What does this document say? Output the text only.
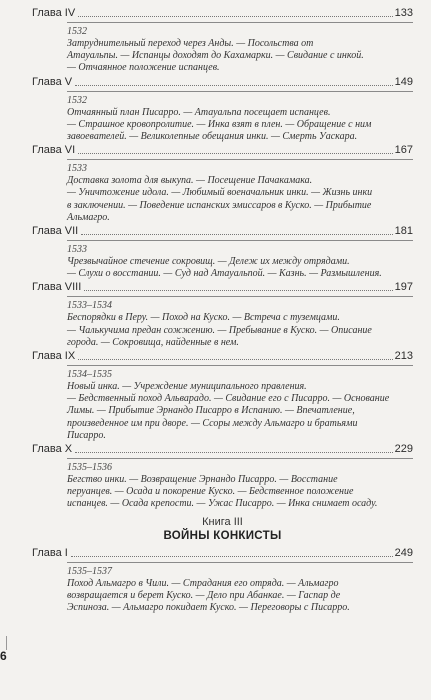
Глава IV	133
1532
Затруднительный переход через Анды. — Посольства от
Атауальпы. — Испанцы доходят до Кахамарки. — Свидание с инкой.
— Отчаянное положение испанцев.
Глава V	149
1532
Отчаянный план Писарро. — Атауальпа посещает испанцев.
— Страшное кровопролитие. — Инка взят в плен. — Обращение с ним
завоевателей. — Великолепные обещания инки. — Смерть Уаскара.
Глава VI	167
1533
Доставка золота для выкупа. — Посещение Пачакамака.
— Уничтожение идола. — Любимый военачальник инки. — Жизнь инки
в заключении. — Поведение испанских эмиссаров в Куско. — Прибытие
Альмагро.
Глава VII	181
1533
Чрезвычайное стечение сокровищ. — Дележ их между отрядами.
— Слухи о восстании. — Суд над Атауальпой. — Казнь. — Размышления.
Глава VIII	197
1533–1534
Беспорядки в Перу. — Поход на Куско. — Встреча с туземцами.
— Чалькучима предан сожжению. — Пребывание в Куско. — Описание
города. — Сокровища, найденные в нем.
Глава IX	213
1534–1535
Новый инка. — Учреждение муниципального правления.
— Бедственный поход Альварадо. — Свидание его с Писарро. — Основание
Лимы. — Прибытие Эрнандо Писарро в Испанию. — Впечатление,
произведенное им при дворе. — Ссоры между Альмагро и братьями
Писарро.
Глава X	229
1535–1536
Бегство инки. — Возвращение Эрнандо Писарро. — Восстание
перуанцев. — Осада и покорение Куско. — Бедственное положение
испанцев. — Осада крепости. — Ужас Писарро. — Инка снимает осаду.
Книга III
ВОЙНЫ КОНКИСТЫ
Глава I	249
1535–1537
Поход Альмагро в Чили. — Страдания его отряда. — Альмагро
возвращается и берет Куско. — Дело при Абанкае. — Гаспар де
Эспиноза. — Альмагро покидает Куско. — Переговоры с Писарро.
6
